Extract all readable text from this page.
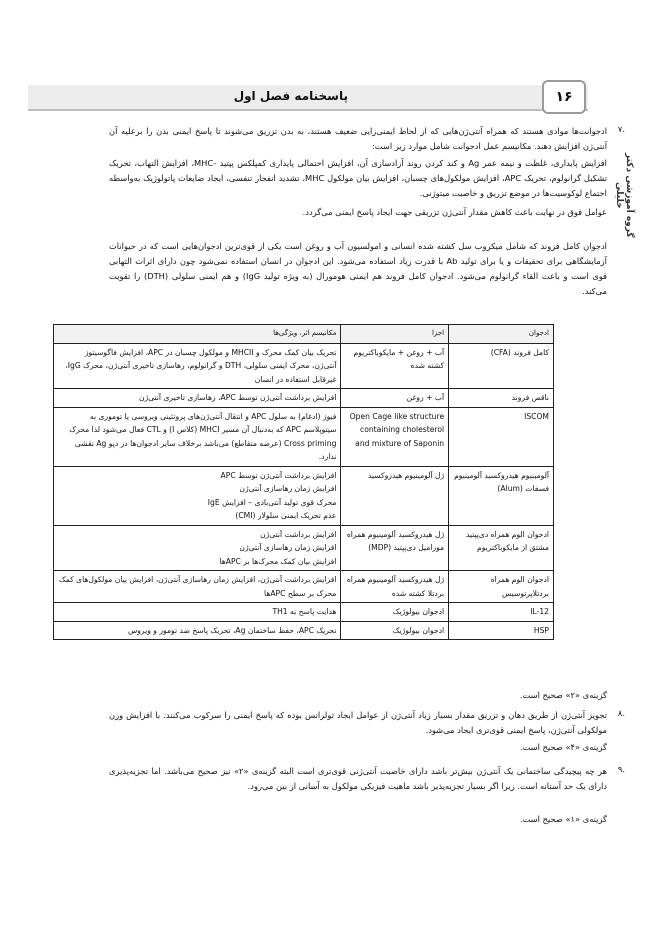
پاسخنامه فصل اول	۱۶
گروه آموزشی دکتر خلیلی
۷.

ادجوانت‌ها موادی هستند که همراه آنتی‌ژن‌هایی که از لحاظ ایمنی‌زایی ضعیف هستند، به بدن تزریق می‌شوند تا پاسخ ایمنی بدن را برعلیه آن آنتی‌ژن افزایش دهند. مکانیسم عمل ادجوانت شامل موارد زیر است:

افزایش پایداری، غلظت و نیمه عمر Ag و کند کردن روند آزادسازی آن، افزایش احتمالی پایداری کمپلکس پپتید -MHC، افزایش التهاب، تحریک تشکیل گرانولوم، تحریک APC، افزایش مولکول‌های چسبان، افزایش بیان مولکول MHC، تشدید انفجار تنفسی، ایجاد ضایعات پاتولوژیک به‌واسطه اجتماع لوکوسیت‌ها در موضع تزریق و خاصیت میتوژنی.

عوامل فوق در نهایت باعث کاهش مقدار آنتی‌ژن تزریقی جهت ایجاد پاسخ ایمنی می‌گردد.

ادجوان کامل فروند که شامل میکروب سل کشته شده انسانی و امولسیون آب و روغن است یکی از قوی‌ترین ادجوان‌هایی است که در حیوانات آزمایشگاهی برای تحقیقات و یا برای تولید Ab با قدرت زیاد استفاده می‌شود. این ادجوان در انسان استفاده نمی‌شود چون دارای اثرات التهابی قوی است و باعث القاء گرانولوم می‌شود. ادجوان کامل فروند هم ایمنی هومورال (به ویژه تولید IgG) و هم ایمنی سلولی (DTH) را تقویت می‌کند.

ادجوان	اجزا	مکانیسم اثر، ویژگی‌ها
کامل فروند (CFA)	آب + روغن + مایکوباکتریوم کشته شده	تحریک بیان کمک محرک و MHCII و مولکول چسبان در APC، افزایش فاگوسیتوز آنتی‌ژن، محرک ایمنی سلولی، DTH و گرانولوم، رهاسازی تاخیری آنتی‌ژن، محرک IgG، غیرقابل استفاده در انسان
ناقص فروند	آب + روغن	افزایش برداشت آنتی‌ژن توسط APC، رهاسازی تاخیری آنتی‌ژن
ISCOM	Open Cage like structure containing cholesterol and mixture of Saponin	فیوز (ادغام) به سلول APC و انتقال آنتی‌ژن‌های پروتئینی ویروسی یا توموری به سیتوپلاسم APC که به‌دنبال آن مسیر MHCI (کلاس I) و CTL فعال می‌شود لذا محرک Cross priming (عرضه متقاطع) می‌باشد برخلاف سایر ادجوان‌ها در دپو Ag نقشی ندارد.
آلومینیوم هیدروکسید آلومینیوم فسفات (Alum)	ژل آلومینیوم هیدروکسید	افزایش برداشت آنتی‌ژن توسط APC
افزایش زمان رهاسازی آنتی‌ژن
محرک قوی تولید آنتی‌بادی – افزایش IgE
عدم تحریک ایمنی سلولار (CMI)
ادجوان الوم همراه دی‌پپتید مشتق از مایکوباکتریوم	ژل هیدروکسید آلومینیوم همراه مورامیل دی‌پپتید (MDP)	افزایش برداشت آنتی‌ژن
افزایش زمان رهاسازی آنتی‌ژن
افزایش بیان کمک محرک‌ها بر APCها
ادجوان الوم همراه بردتلاپرتوسیس	ژل هیدروکسید آلومینیوم همراه بردتلا کشته شده	افزایش برداشت آنتی‌ژن، افزایش زمان رهاسازی آنتی‌ژن، افزایش بیان مولکول‌های کمک محرک بر سطح APCها
IL-12	ادجوان بیولوژیک	هدایت پاسخ به TH1
HSP	ادجوان بیولوژیک	تحریک APC، حفظ ساختمان Ag، تحریک پاسخ ضد تومور و ویروس

گزینه‌ی «۲» صحیح است.

۸.

تجویز آنتی‌ژن از طریق دهان و تزریق مقدار بسیار زیاد آنتی‌ژن از عوامل ایجاد تولرانس بوده که پاسخ ایمنی را سرکوب می‌کنند. با افزایش وزن مولکولی آنتی‌ژن، پاسخ ایمنی قوی‌تری ایجاد می‌شود.

گزینه‌ی «۴» صحیح است.

۹.

هر چه پیچیدگی ساختمانی یک آنتی‌ژن بیش‌تر باشد دارای خاصیت آنتی‌ژنی قوی‌تری است البته گزینه‌ی «۲» نیز صحیح می‌باشد. اما تجزیه‌پذیری دارای یک حد آستانه است. زیرا اگر بسیار تجزیه‌پذیر باشد ماهیت فیزیکی مولکول به آسانی از بین می‌رود.

گزینه‌ی «۱» صحیح است.
